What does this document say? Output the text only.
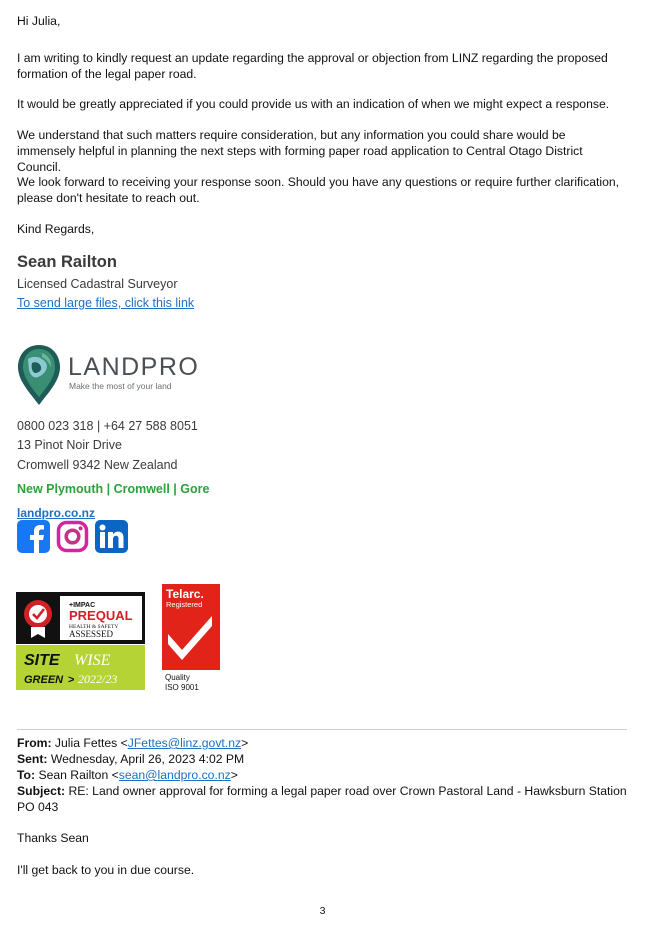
Hi Julia,

I am writing to kindly request an update regarding the approval or objection from LINZ regarding the proposed formation of the legal paper road.

It would be greatly appreciated if you could provide us with an indication of when we might expect a response.

We understand that such matters require consideration, but any information you could share would be immensely helpful in planning the next steps with forming paper road application to Central Otago District Council.

We look forward to receiving your response soon. Should you have any questions or require further clarification, please don't hesitate to reach out.

Kind Regards,

Sean Railton
Licensed Cadastral Surveyor
To send large files, click this link
LANDPRO
Make the most of your land
0800 023 318 | +64 27 588 8051
13 Pinot Noir Drive
Cromwell 9342 New Zealand
New Plymouth | Cromwell | Gore
landpro.co.nz
+IMPAC
PREQUAL
HEALTH & SAFETY
ASSESSED
SITE WISE
GREEN > 2022/23
Telarc.
Registered
Quality
ISO 9001
From: Julia Fettes <JFettes@linz.govt.nz>
Sent: Wednesday, April 26, 2023 4:02 PM
To: Sean Railton <sean@landpro.co.nz>
Subject: RE: Land owner approval for forming a legal paper road over Crown Pastoral Land - Hawksburn Station PO 043

Thanks Sean

I'll get back to you in due course.

3
